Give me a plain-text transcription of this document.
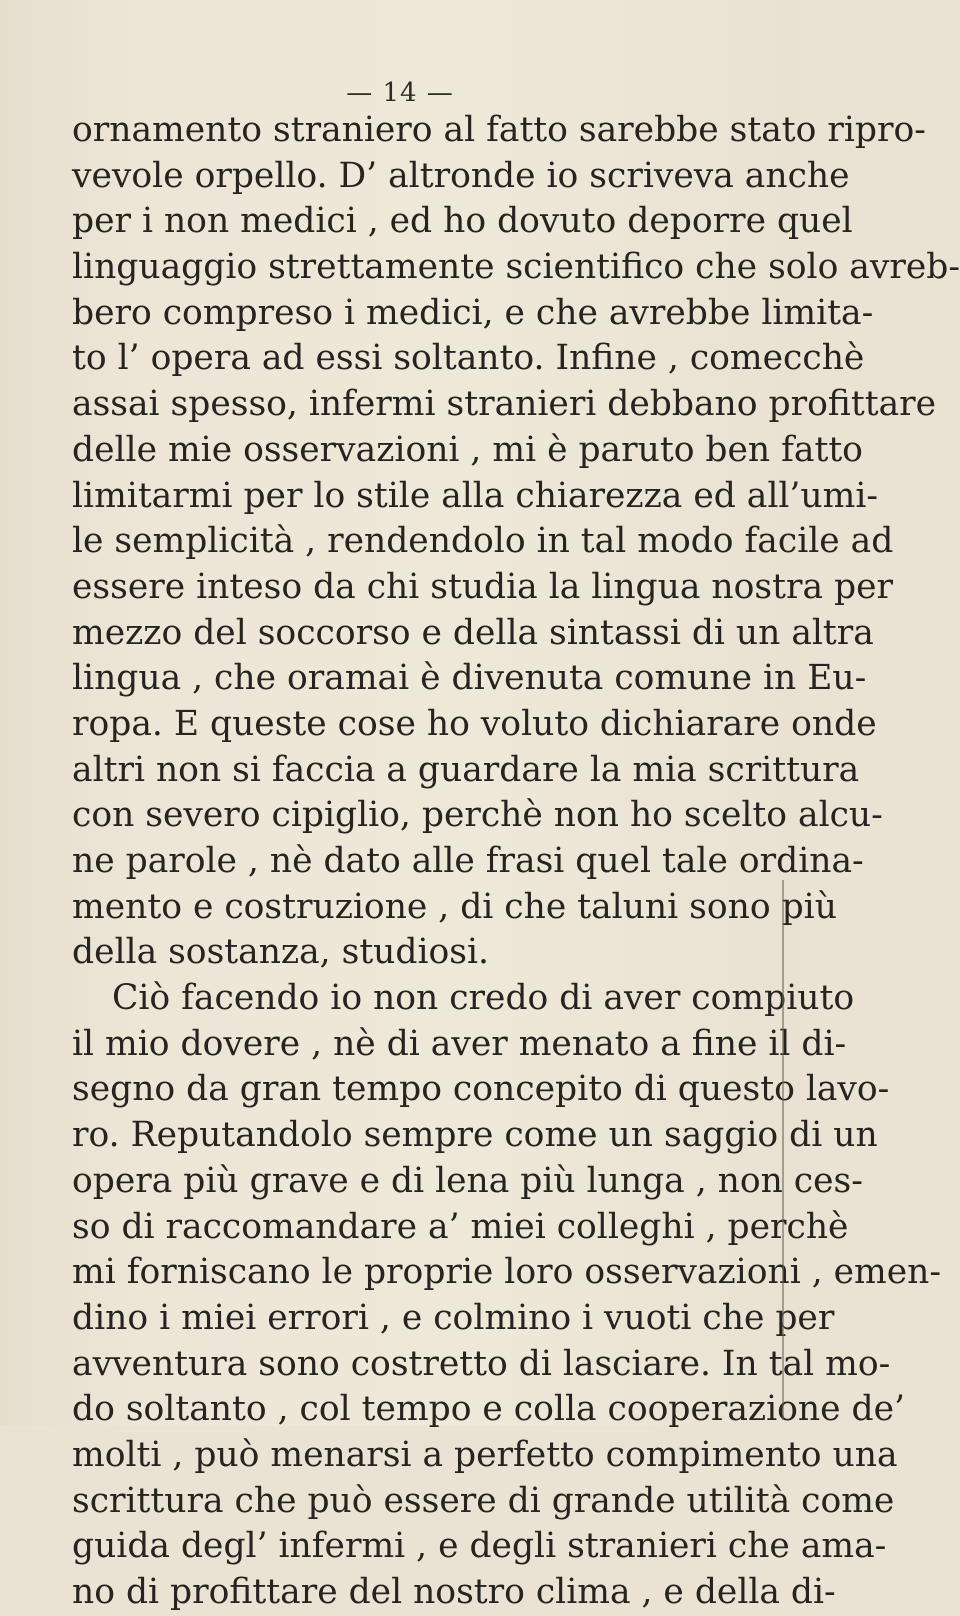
— 14 —
ornamento straniero al fatto sarebbe stato ripro-
vevole orpello. D’ altronde io scriveva anche
per i non medici , ed ho dovuto deporre quel
linguaggio strettamente scientifico che solo avreb-
bero compreso i medici, e che avrebbe limita-
to l’ opera ad essi soltanto. Infine , comecchè
assai spesso, infermi stranieri debbano profittare
delle mie osservazioni , mi è paruto ben fatto
limitarmi per lo stile alla chiarezza ed all’umi-
le semplicità , rendendolo in tal modo facile ad
essere inteso da chi studia la lingua nostra per
mezzo del soccorso e della sintassi di un altra
lingua , che oramai è divenuta comune in Eu-
ropa. E queste cose ho voluto dichiarare onde
altri non si faccia a guardare la mia scrittura
con severo cipiglio, perchè non ho scelto alcu-
ne parole , nè dato alle frasi quel tale ordina-
mento e costruzione , di che taluni sono più
della sostanza, studiosi.
Ciò facendo io non credo di aver compiuto
il mio dovere , nè di aver menato a fine il di-
segno da gran tempo concepito di questo lavo-
ro. Reputandolo sempre come un saggio di un
opera più grave e di lena più lunga , non ces-
so di raccomandare a’ miei colleghi , perchè
mi forniscano le proprie loro osservazioni , emen-
dino i miei errori , e colmino i vuoti che per
avventura sono costretto di lasciare. In tal mo-
do soltanto , col tempo e colla cooperazione de’
molti , può menarsi a perfetto compimento una
scrittura che può essere di grande utilità come
guida degl’ infermi , e degli stranieri che ama-
no di profittare del nostro clima , e della di-
